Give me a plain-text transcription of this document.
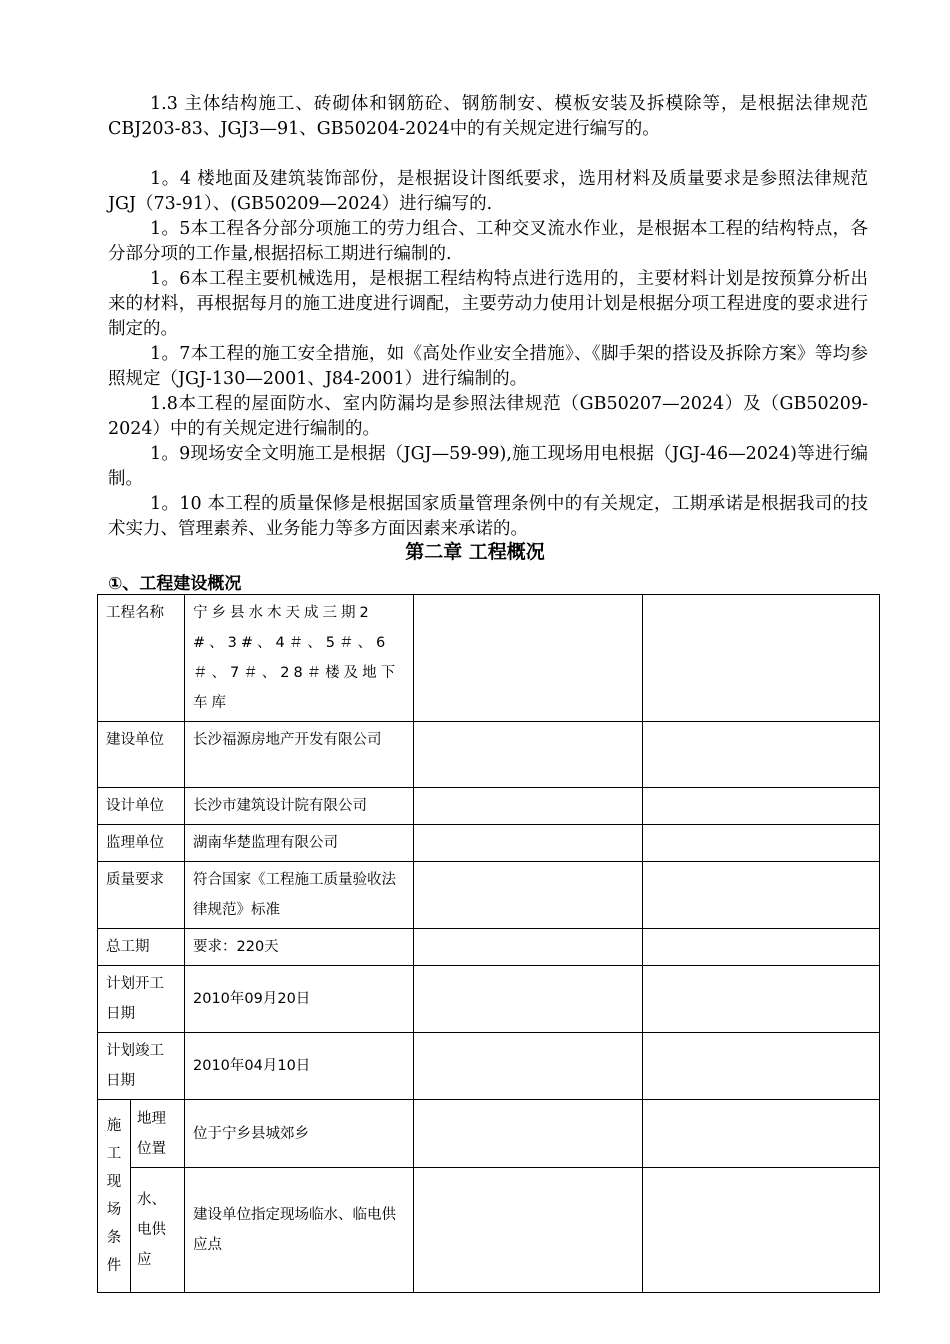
1.3 主体结构施工、砖砌体和钢筋砼、钢筋制安、模板安装及拆模除等，是根据法律规范CBJ203-83、JGJ3—91、GB50204-2024中的有关规定进行编写的。

1。4 楼地面及建筑装饰部份，是根据设计图纸要求，选用材料及质量要求是参照法律规范JGJ（73-91）、(GB50209—2024）进行编写的.

1。5本工程各分部分项施工的劳力组合、工种交叉流水作业，是根据本工程的结构特点，各分部分项的工作量,根据招标工期进行编制的.

1。6本工程主要机械选用，是根据工程结构特点进行选用的，主要材料计划是按预算分析出来的材料，再根据每月的施工进度进行调配，主要劳动力使用计划是根据分项工程进度的要求进行制定的。

1。7本工程的施工安全措施，如《高处作业安全措施》、《脚手架的搭设及拆除方案》等均参照规定（JGJ-130—2001、J84-2001）进行编制的。

1.8本工程的屋面防水、室内防漏均是参照法律规范（GB50207—2024）及（GB50209-2024）中的有关规定进行编制的。

1。9现场安全文明施工是根据（JGJ—59-99),施工现场用电根据（JGJ-46—2024)等进行编制。

1。10 本工程的质量保修是根据国家质量管理条例中的有关规定，工期承诺是根据我司的技术实力、管理素养、业务能力等多方面因素来承诺的。

第二章 工程概况
①、工程建设概况
工程名称		宁乡县水木天成三期2#、3#、4＃、5＃、6＃、7＃、28＃楼及地下车库		
建设单位		长沙福源房地产开发有限公司		
设计单位		长沙市建筑设计院有限公司		
监理单位		湖南华楚监理有限公司		
质量要求		符合国家《工程施工质量验收法律规范》标准		
总工期		要求：220天		
计划开工日期		2010年09月20日		
计划竣工日期		2010年04月10日		
施工现场条件	地理位置	位于宁乡县城郊乡		
	水、电供应	建设单位指定现场临水、临电供应点		
